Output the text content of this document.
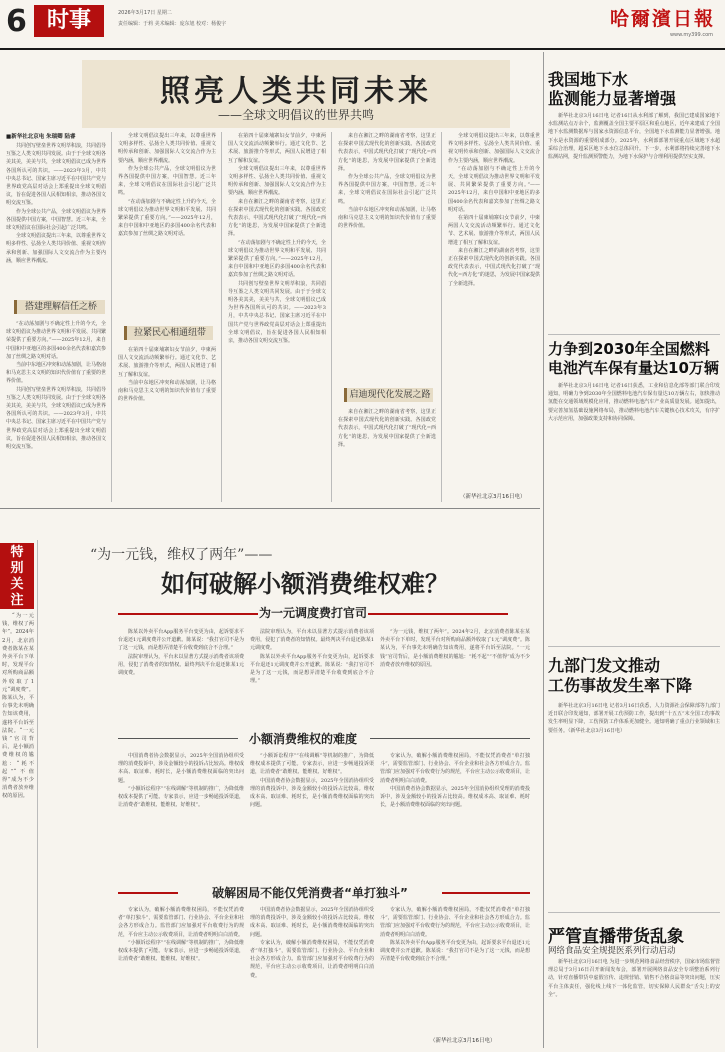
6 时事	2026年3月17日 星期二
责任编辑：于莉 美术编辑：庞东旭 校对：杨俊宇	哈爾濱日報
www.my399.com
照亮人类共同未来
——全球文明倡议的世界共鸣
■新华社北京电 朱瑞卿 陆睿

共同创写壁垒世界文明萃积浪，共同倡导互鉴之人类文明共同发展。由于于全球文明各美其美，美美与共，全球文明倡议已成为世界各国所认可的共识。——2023年3月，中共中央总书记、国家主席习近平在中国共产党与世界政党高层对话会上郑重提出全球文明倡议，旨在促进各国人民相知相亲，推动各国文明交流互鉴。

作为全球公共产品，全球文明倡议为世界各国提供中国方案，中国智慧。近三年来，全球文明倡议在国际社会引起广泛共鸣。

全球文明倡议提出三年来，以尊重世界文明多样性、弘扬全人类共同价值、重视文明传承和创新、加强国际人文交流合作为主要内涵，顺应世界潮流。

搭建理解信任之桥

“在动荡加剧与不确定性上升的今天，全球文明倡议为推动世界文明和平发展、共同繁荣提供了重要方向。”——2025年12月，来自中国和中亚地区的多国400余名代表和嘉宾参加了丝绸之路文明对话。

当前中东地区冲突和动荡加剧，让马格南和马克思主义文明的知识代价值有了重要的世界价值。

共同创写壁垒世界文明萃积浪，共同倡导互鉴之人类文明共同发展。由于于全球文明各美其美，美美与共，全球文明倡议已成为世界各国所认可的共识。——2023年3月，中共中央总书记、国家主席习近平在中国共产党与世界政党高层对话会上郑重提出全球文明倡议，旨在促进各国人民相知相亲，推动各国文明交流互鉴。

全球文明倡议提出三年来，以尊重世界文明多样性、弘扬全人类共同价值、重视文明传承和创新、加强国际人文交流合作为主要内涵，顺应世界潮流。

作为全球公共产品，全球文明倡议为世界各国提供中国方案，中国智慧。近三年来，全球文明倡议在国际社会引起广泛共鸣。

“在动荡加剧与不确定性上升的今天，全球文明倡议为推动世界文明和平发展、共同繁荣提供了重要方向。”——2025年12月，来自中国和中亚地区的多国400余名代表和嘉宾参加了丝绸之路文明对话。

拉紧民心相通纽带

在第四十届柬埔寨妇女节前夕，中柬两国人文交流活动频繁举行。通过文化节、艺术展、旅游推介等形式，两国人民增进了相互了解和友谊。

当前中东地区冲突和动荡加剧，让马格南和马克思主义文明的知识代价值有了重要的世界价值。

在第四十届柬埔寨妇女节前夕，中柬两国人文交流活动频繁举行。通过文化节、艺术展、旅游推介等形式，两国人民增进了相互了解和友谊。

全球文明倡议提出三年来，以尊重世界文明多样性、弘扬全人类共同价值、重视文明传承和创新、加强国际人文交流合作为主要内涵，顺应世界潮流。

来自在湘江之畔的湖南省考察，这里正在探索中国式现代化的创新实践。各国政党代表表示，中国式现代化打破了“现代化=西方化”的迷思，为发展中国家提供了全新选择。

“在动荡加剧与不确定性上升的今天，全球文明倡议为推动世界文明和平发展、共同繁荣提供了重要方向。”——2025年12月，来自中国和中亚地区的多国400余名代表和嘉宾参加了丝绸之路文明对话。

共同创写壁垒世界文明萃积浪，共同倡导互鉴之人类文明共同发展。由于于全球文明各美其美，美美与共，全球文明倡议已成为世界各国所认可的共识。——2023年3月，中共中央总书记、国家主席习近平在中国共产党与世界政党高层对话会上郑重提出全球文明倡议，旨在促进各国人民相知相亲，推动各国文明交流互鉴。

来自在湘江之畔的湖南省考察，这里正在探索中国式现代化的创新实践。各国政党代表表示，中国式现代化打破了“现代化=西方化”的迷思，为发展中国家提供了全新选择。

作为全球公共产品，全球文明倡议为世界各国提供中国方案，中国智慧。近三年来，全球文明倡议在国际社会引起广泛共鸣。

当前中东地区冲突和动荡加剧，让马格南和马克思主义文明的知识代价值有了重要的世界价值。

启迪现代化发展之路

来自在湘江之畔的湖南省考察，这里正在探索中国式现代化的创新实践。各国政党代表表示，中国式现代化打破了“现代化=西方化”的迷思，为发展中国家提供了全新选择。

全球文明倡议提出三年来，以尊重世界文明多样性、弘扬全人类共同价值、重视文明传承和创新、加强国际人文交流合作为主要内涵，顺应世界潮流。

“在动荡加剧与不确定性上升的今天，全球文明倡议为推动世界文明和平发展、共同繁荣提供了重要方向。”——2025年12月，来自中国和中亚地区的多国400余名代表和嘉宾参加了丝绸之路文明对话。

在第四十届柬埔寨妇女节前夕，中柬两国人文交流活动频繁举行。通过文化节、艺术展、旅游推介等形式，两国人民增进了相互了解和友谊。

来自在湘江之畔的湖南省考察，这里正在探索中国式现代化的创新实践。各国政党代表表示，中国式现代化打破了“现代化=西方化”的迷思，为发展中国家提供了全新选择。

（新华社北京3月16日电）
我国地下水
监测能力显著增强

新华社北京3月16日电 记者16日从水利部了解到，我国已建成国家地下水监测站点万余个，监测覆盖全国主要平原区和重点地区，近年来建成了全国地下水监测数据库与国家水资源信息平台，全国地下水监测能力显著增强。地下水是水资源的重要组成部分。2025年，水利部部署开展重点区域地下水超采综合治理，超采区地下水水位总体回升。下一步，水利部将持续完善地下水监测站网，提升监测预警能力，为地下水保护与合理利用提供坚实支撑。

力争到2030年全国燃料
电池汽车保有量达10万辆

新华社北京3月16日电 记者16日获悉，工业和信息化部等部门联合印发通知，明确力争到2030年全国燃料电池汽车保有量达10万辆左右，加快推动氢能在交通领域规模化应用，推动燃料电池汽车产业高质量发展。通知提出，要完善加氢基础设施网络布局，推动燃料电池汽车关键核心技术攻关，有序扩大示范应用，加强政策支持和协同保障。

九部门发文推动
工伤事故发生率下降

新华社北京3月16日电 记者3月16日获悉，人力资源社会保障部等九部门近日联合印发通知，部署开展工伤预防工作，提出到“十五五”末全国工伤事故发生率明显下降，工伤预防工作体系更加健全。通知明确了重点行业领域和主要任务。（新华社北京3月16日电）

严管直播带货乱象
网络食品安全规提医系列行动启动

新华社北京3月16日电 为进一步规范网络食品经营秩序，国家市场监督管理总局于3月16日召开新闻发布会，部署开展网络食品安全专项整治系列行动，针对直播带货中虚假宣传、违规营销、销售不合格食品等突出问题，压实平台主体责任，强化线上线下一体化监管，切实保障人民群众“舌尖上的安全”。

特别关注

“为一元钱，维权了两年”。2024年2月，北京消费者陈某在某外卖平台下单时，发现平台对所购商品额外收取了1元“调度费”。陈某认为，平台事先未明确告知该费用，遂将平台诉至法院。“一元钱”官司背后，是小额消费维权的尴尬：“耗不起”“不值得”成为不少消费者放弃维权的原因。

“为一元钱，维权了两年”——
如何破解小额消费维权难？
为一元调度费打官司

陈某以外卖平台App服务平台变更为由，起诉要求平台退还1元调度费并公开道歉。陈某说：“我打官司不是为了这一元钱，而是想弄清楚平台收费到底合不合理。”

法院审理认为，平台未以显著方式提示消费者该项费用，侵犯了消费者的知情权。最终判决平台退还陈某1元调度费。

法院审理认为，平台未以显著方式提示消费者该项费用，侵犯了消费者的知情权。最终判决平台退还陈某1元调度费。

陈某以外卖平台App服务平台变更为由，起诉要求平台退还1元调度费并公开道歉。陈某说：“我打官司不是为了这一元钱，而是想弄清楚平台收费到底合不合理。”

“为一元钱，维权了两年”。2024年2月，北京消费者陈某在某外卖平台下单时，发现平台对所购商品额外收取了1元“调度费”。陈某认为，平台事先未明确告知该费用，遂将平台诉至法院。“一元钱”官司背后，是小额消费维权的尴尬：“耗不起”“不值得”成为不少消费者放弃维权的原因。

小额消费维权的难度

中国消费者协会数据显示，2025年全国消协组织受理的消费投诉中，涉及金额较小的投诉占比较高。维权成本高、取证难、耗时长，是小额消费维权面临的突出问题。

“小额诉讼程序”“在线调解”等机制的推广，为降低维权成本提供了可能。专家表示，应进一步畅通投诉渠道，让消费者“敢维权、能维权、好维权”。

“小额诉讼程序”“在线调解”等机制的推广，为降低维权成本提供了可能。专家表示，应进一步畅通投诉渠道，让消费者“敢维权、能维权、好维权”。

中国消费者协会数据显示，2025年全国消协组织受理的消费投诉中，涉及金额较小的投诉占比较高。维权成本高、取证难、耗时长，是小额消费维权面临的突出问题。

专家认为，破解小额消费维权困局，不能仅凭消费者“单打独斗”，需要监管部门、行业协会、平台企业和社会各方形成合力。监管部门应加强对平台收费行为的规范，平台应主动公示收费项目，让消费者明明白白消费。

中国消费者协会数据显示，2025年全国消协组织受理的消费投诉中，涉及金额较小的投诉占比较高。维权成本高、取证难、耗时长，是小额消费维权面临的突出问题。

破解困局不能仅凭消费者“单打独斗”

专家认为，破解小额消费维权困局，不能仅凭消费者“单打独斗”，需要监管部门、行业协会、平台企业和社会各方形成合力。监管部门应加强对平台收费行为的规范，平台应主动公示收费项目，让消费者明明白白消费。

“小额诉讼程序”“在线调解”等机制的推广，为降低维权成本提供了可能。专家表示，应进一步畅通投诉渠道，让消费者“敢维权、能维权、好维权”。

中国消费者协会数据显示，2025年全国消协组织受理的消费投诉中，涉及金额较小的投诉占比较高。维权成本高、取证难、耗时长，是小额消费维权面临的突出问题。

专家认为，破解小额消费维权困局，不能仅凭消费者“单打独斗”，需要监管部门、行业协会、平台企业和社会各方形成合力。监管部门应加强对平台收费行为的规范，平台应主动公示收费项目，让消费者明明白白消费。

专家认为，破解小额消费维权困局，不能仅凭消费者“单打独斗”，需要监管部门、行业协会、平台企业和社会各方形成合力。监管部门应加强对平台收费行为的规范，平台应主动公示收费项目，让消费者明明白白消费。

陈某以外卖平台App服务平台变更为由，起诉要求平台退还1元调度费并公开道歉。陈某说：“我打官司不是为了这一元钱，而是想弄清楚平台收费到底合不合理。”

（新华社北京3月16日电）
